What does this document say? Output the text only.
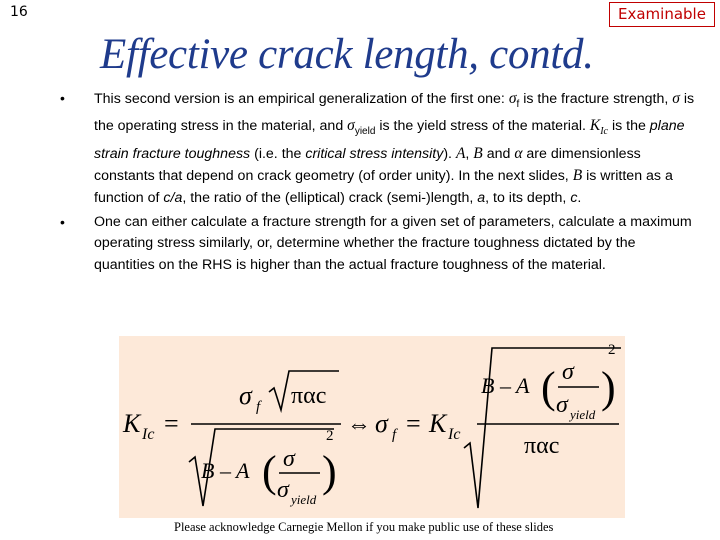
16	Examinable
Effective crack length, contd.
• This second version is an empirical generalization of the first one: $\sigma_f$ is the fracture strength, σ is the operating stress in the material, and $\sigma_{yield}$ is the yield stress of the material. $K_{Ic}$ is the plane strain fracture toughness (i.e. the critical stress intensity). A, B and α are dimensionless constants that depend on crack geometry (of order unity). In the next slides, B is written as a function of c/a, the ratio of the (elliptical) crack (semi-)length, a, to its depth, c.
• One can either calculate a fracture strength for a given set of parameters, calculate a maximum operating stress similarly, or, determine whether the fracture toughness dictated by the quantities on the RHS is higher than the actual fracture toughness of the material.
K Ic =
σ f παc
B – A ( σ
σ yield
)
2 ⇔ σ f = K Ic
B – A ( σ
σ yield
)
2
παc
Please acknowledge Carnegie Mellon if you make public use of these slides
